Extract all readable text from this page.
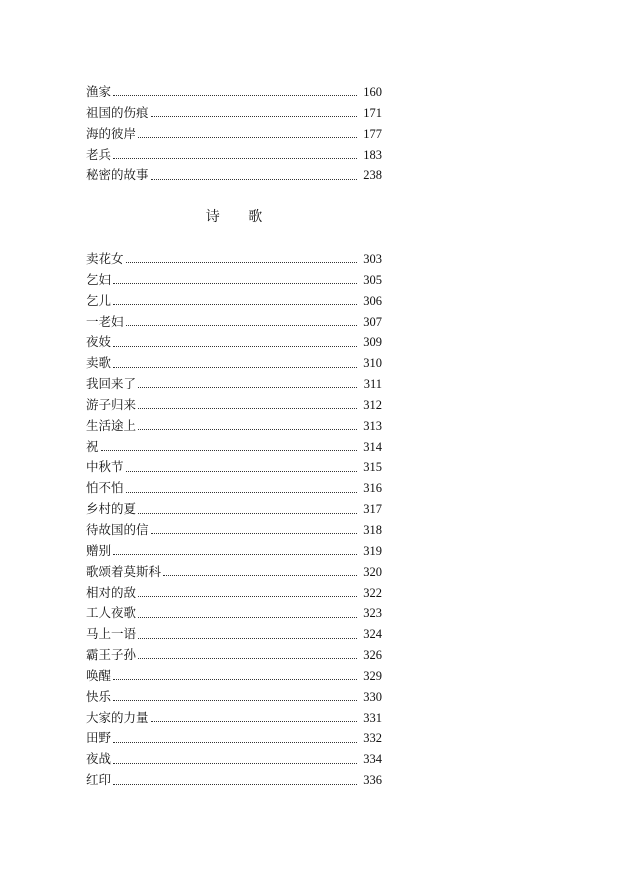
渔家	160
祖国的伤痕	171
海的彼岸	177
老兵	183
秘密的故事	238
诗 歌
卖花女	303
乞妇	305
乞儿	306
一老妇	307
夜妓	309
卖歌	310
我回来了	311
游子归来	312
生活途上	313
祝	314
中秋节	315
怕不怕	316
乡村的夏	317
待故国的信	318
赠别	319
歌颂着莫斯科	320
相对的敌	322
工人夜歌	323
马上一语	324
霸王子孙	326
唤醒	329
快乐	330
大家的力量	331
田野	332
夜战	334
红印	336
